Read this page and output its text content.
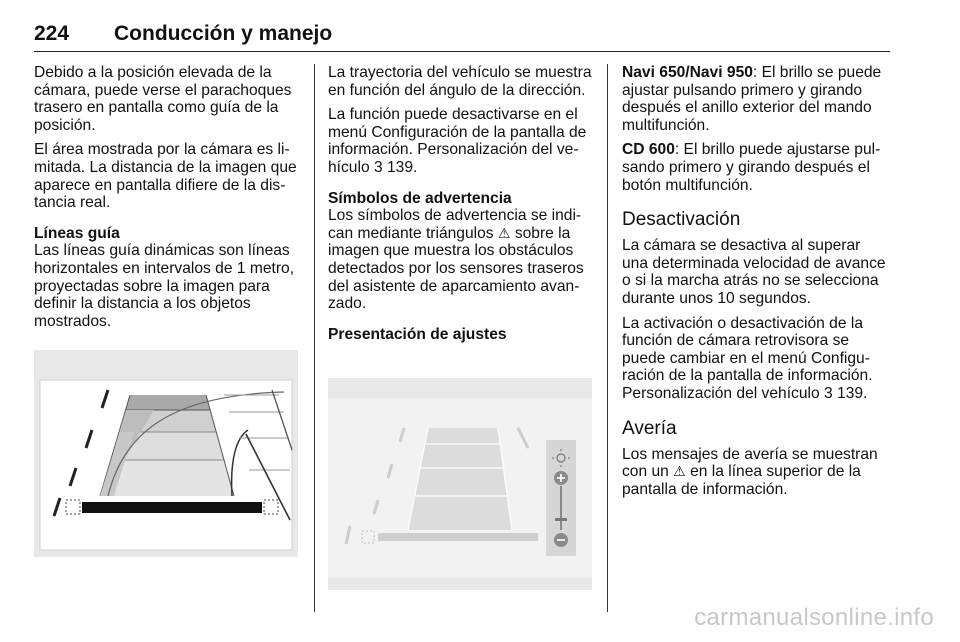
224 Conducción y manejo

Debido a la posición elevada de la cámara, puede verse el parachoques trasero en pantalla como guía de la posición.

El área mostrada por la cámara es limitada. La distancia de la imagen que aparece en pantalla difiere de la distancia real.

Líneas guía

Las líneas guía dinámicas son líneas horizontales en intervalos de 1 metro, proyectadas sobre la imagen para definir la distancia a los objetos mostrados.

La trayectoria del vehículo se muestra en función del ángulo de la dirección.

La función puede desactivarse en el menú Configuración de la pantalla de información. Personalización del vehículo 3 139.

Símbolos de advertencia

Los símbolos de advertencia se indican mediante triángulos ⚠ sobre la imagen que muestra los obstáculos detectados por los sensores traseros del asistente de aparcamiento avanzado.

Presentación de ajustes

Navi 650/Navi 950: El brillo se puede ajustar pulsando primero y girando después el anillo exterior del mando multifunción.

CD 600: El brillo puede ajustarse pulsando primero y girando después el botón multifunción.

Desactivación

La cámara se desactiva al superar una determinada velocidad de avance o si la marcha atrás no se selecciona durante unos 10 segundos.

La activación o desactivación de la función de cámara retrovisora se puede cambiar en el menú Configuración de la pantalla de información. Personalización del vehículo 3 139.

Avería

Los mensajes de avería se muestran con un ⚠ en la línea superior de la pantalla de información.

carmanualsonline.info
